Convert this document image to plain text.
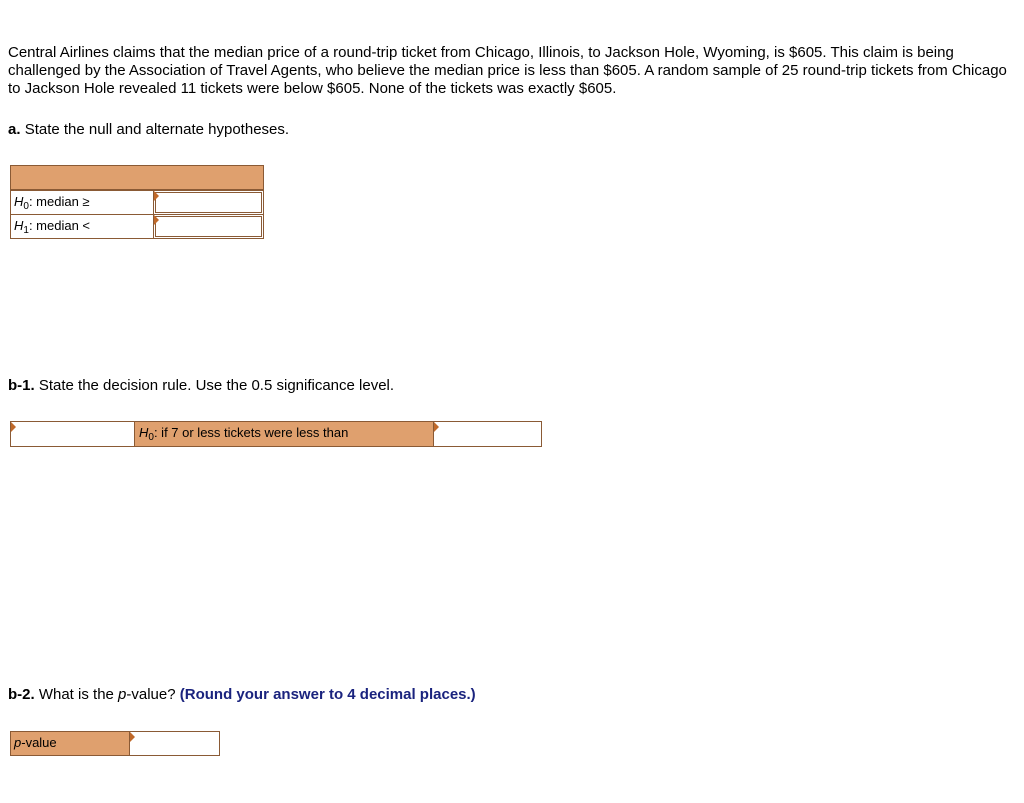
Central Airlines claims that the median price of a round-trip ticket from Chicago, Illinois, to Jackson Hole, Wyoming, is $605. This claim is being challenged by the Association of Travel Agents, who believe the median price is less than $605. A random sample of 25 round-trip tickets from Chicago to Jackson Hole revealed 11 tickets were below $605. None of the tickets was exactly $605.
a. State the null and alternate hypotheses.
$H_0$: median ≥
$H_1$: median <
b-1. State the decision rule. Use the 0.5 significance level.
$H_0$: if 7 or less tickets were less than
b-2. What is the p-value? (Round your answer to 4 decimal places.)
p-value
